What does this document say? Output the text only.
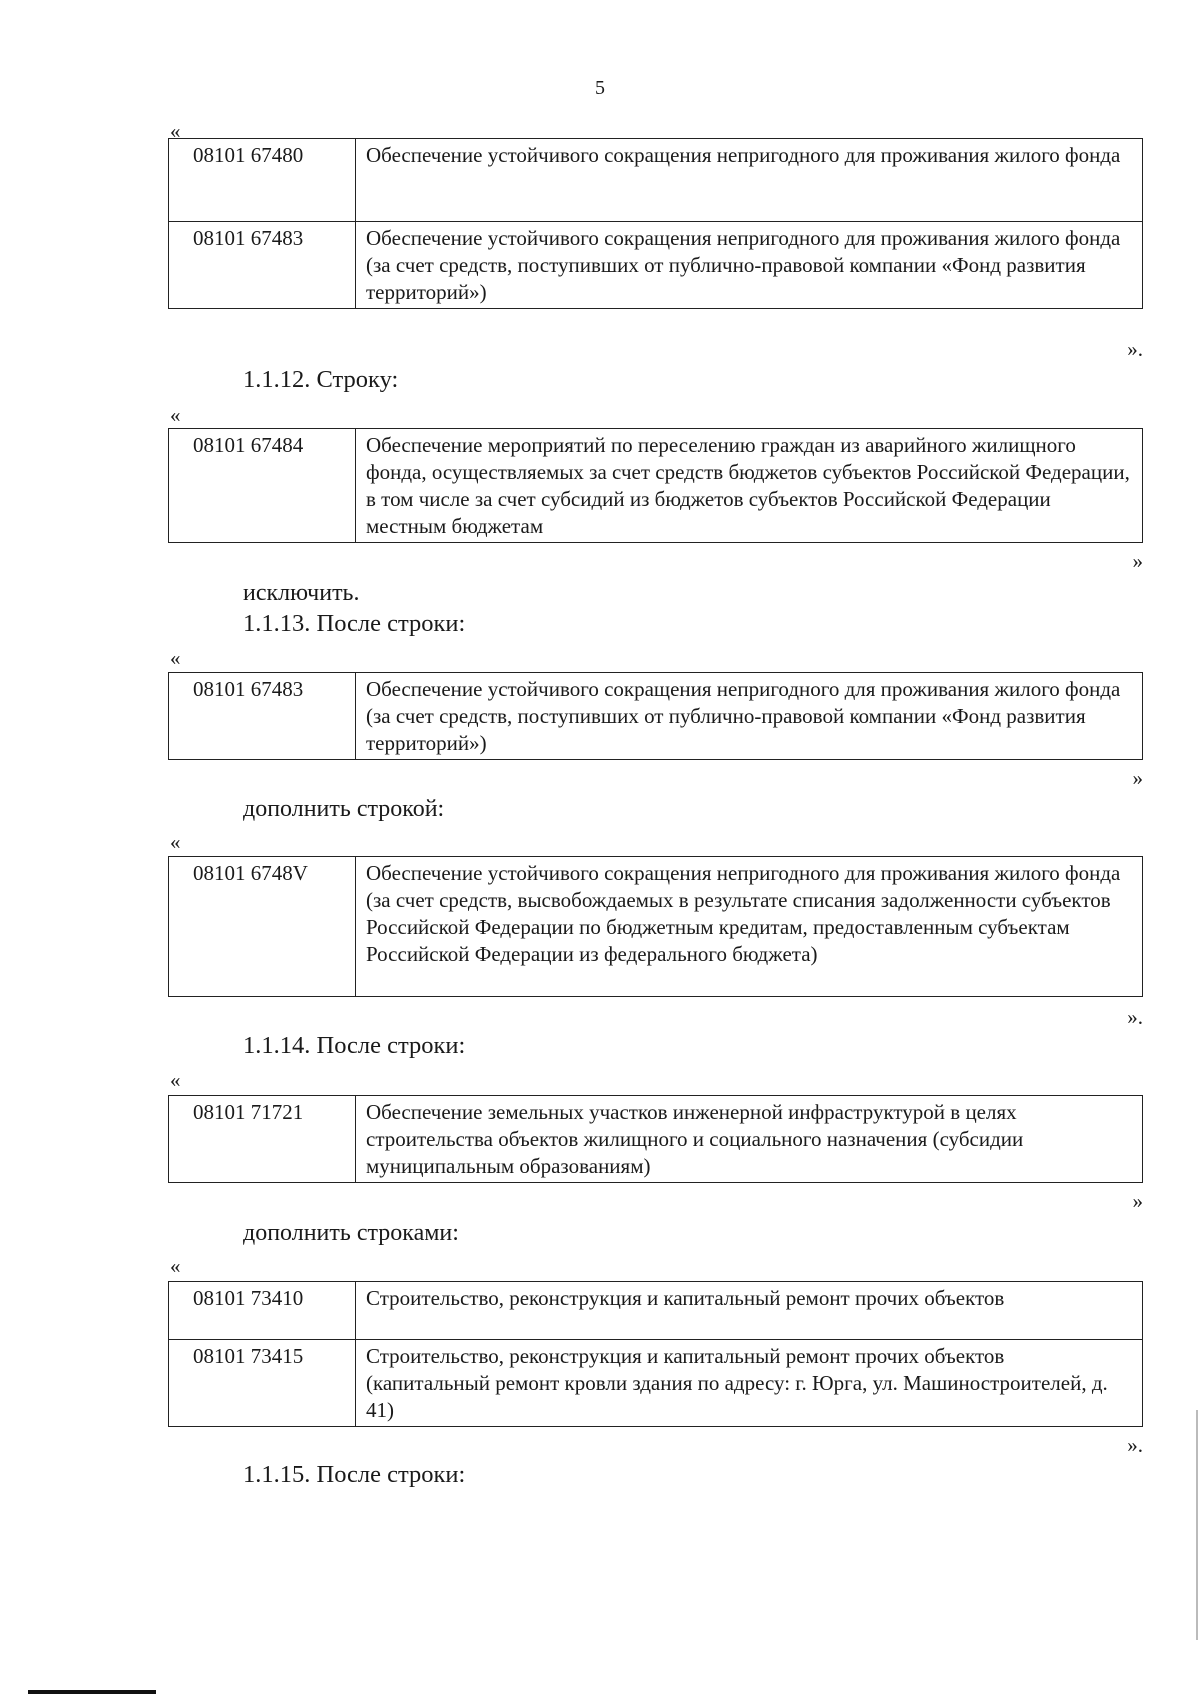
5
«
08101 67480	Обеспечение устойчивого сокращения непригодного для проживания жилого фонда
08101 67483	Обеспечение устойчивого сокращения непригодного для проживания жилого фонда (за счет средств, поступивших от публично-правовой компании «Фонд развития территорий»)
».
1.1.12. Строку:
«
08101 67484	Обеспечение мероприятий по переселению граждан из аварийного жилищного фонда, осуществляемых за счет средств бюджетов субъектов Российской Федерации, в том числе за счет субсидий из бюджетов субъектов Российской Федерации местным бюджетам
»
исключить.
1.1.13. После строки:
«
08101 67483	Обеспечение устойчивого сокращения непригодного для проживания жилого фонда (за счет средств, поступивших от публично-правовой компании «Фонд развития территорий»)
»
дополнить строкой:
«
08101 6748V	Обеспечение устойчивого сокращения непригодного для проживания жилого фонда (за счет средств, высвобождаемых в результате списания задолженности субъектов Российской Федерации по бюджетным кредитам, предоставленным субъектам Российской Федерации из федерального бюджета)
».
1.1.14. После строки:
«
08101 71721	Обеспечение земельных участков инженерной инфраструктурой в целях строительства объектов жилищного и социального назначения (субсидии муниципальным образованиям)
»
дополнить строками:
«
08101 73410	Строительство, реконструкция и капитальный ремонт прочих объектов
08101 73415	Строительство, реконструкция и капитальный ремонт прочих объектов (капитальный ремонт кровли здания по адресу: г. Юрга, ул. Машиностроителей, д. 41)
».
1.1.15. После строки:
